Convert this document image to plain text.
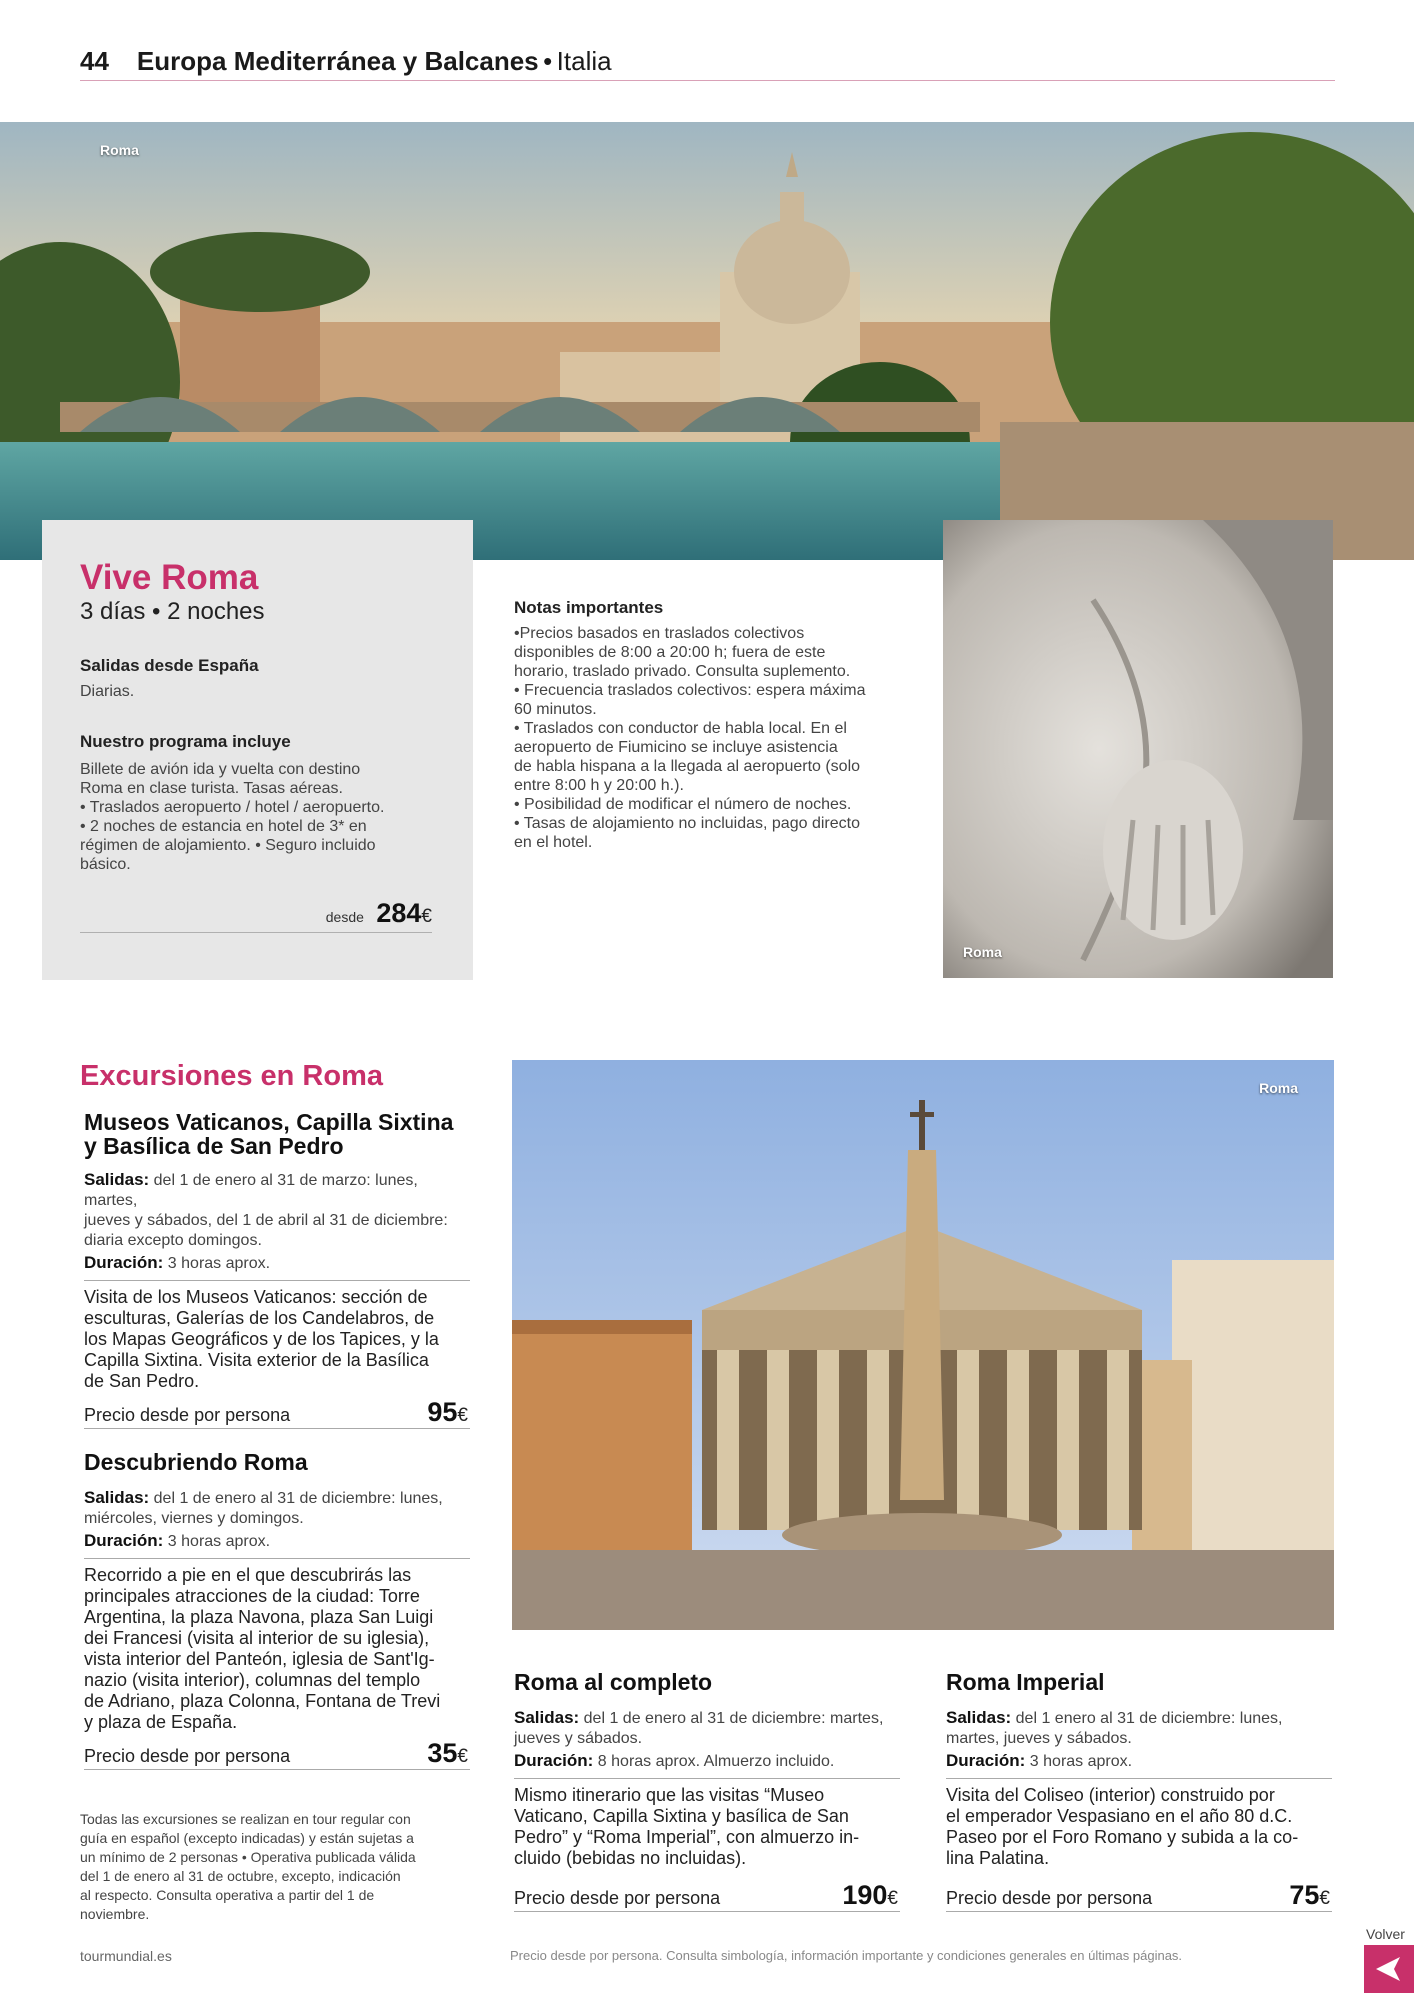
44 Europa Mediterránea y Balcanes • Italia
Roma
Vive Roma
3 días • 2 noches
Salidas desde España
Diarias.
Nuestro programa incluye
Billete de avión ida y vuelta con destino
Roma en clase turista. Tasas aéreas.
• Traslados aeropuerto / hotel / aeropuerto.
• 2 noches de estancia en hotel de 3* en
régimen de alojamiento. • Seguro incluido
básico.
desde 284€
Notas importantes
•Precios basados en traslados colectivos
disponibles de 8:00 a 20:00 h; fuera de este
horario, traslado privado. Consulta suplemento.
• Frecuencia traslados colectivos: espera máxima
60 minutos.
• Traslados con conductor de habla local. En el
aeropuerto de Fiumicino se incluye asistencia
de habla hispana a la llegada al aeropuerto (solo
entre 8:00 h y 20:00 h.).
• Posibilidad de modificar el número de noches.
• Tasas de alojamiento no incluidas, pago directo
en el hotel.
Roma
Excursiones en Roma
Museos Vaticanos, Capilla Sixtina
y Basílica de San Pedro
Salidas: del 1 de enero al 31 de marzo: lunes, martes,
jueves y sábados, del 1 de abril al 31 de diciembre:
diaria excepto domingos.
Duración: 3 horas aprox.
Visita de los Museos Vaticanos: sección de
esculturas, Galerías de los Candelabros, de
los Mapas Geográficos y de los Tapices, y la
Capilla Sixtina. Visita exterior de la Basílica
de San Pedro.
Precio desde por persona	95€
Descubriendo Roma
Salidas: del 1 de enero al 31 de diciembre: lunes,
miércoles, viernes y domingos.
Duración: 3 horas aprox.
Recorrido a pie en el que descubrirás las
principales atracciones de la ciudad: Torre
Argentina, la plaza Navona, plaza San Luigi
dei Francesi (visita al interior de su iglesia),
vista interior del Panteón, iglesia de Sant'Ig-
nazio (visita interior), columnas del templo
de Adriano, plaza Colonna, Fontana de Trevi
y plaza de España.
Precio desde por persona	35€
Todas las excursiones se realizan en tour regular con
guía en español (excepto indicadas) y están sujetas a
un mínimo de 2 personas • Operativa publicada válida
del 1 de enero al 31 de octubre, excepto, indicación
al respecto. Consulta operativa a partir del 1 de
noviembre.
Roma
Roma al completo
Salidas: del 1 de enero al 31 de diciembre: martes,
jueves y sábados.
Duración: 8 horas aprox. Almuerzo incluido.
Mismo itinerario que las visitas “Museo
Vaticano, Capilla Sixtina y basílica de San
Pedro” y “Roma Imperial”, con almuerzo in-
cluido (bebidas no incluidas).
Precio desde por persona	190€
Roma Imperial
Salidas: del 1 enero al 31 de diciembre: lunes,
martes, jueves y sábados.
Duración: 3 horas aprox.
Visita del Coliseo (interior) construido por
el emperador Vespasiano en el año 80 d.C.
Paseo por el Foro Romano y subida a la co-
lina Palatina.
Precio desde por persona	75€
tourmundial.es	Precio desde por persona. Consulta simbología, información importante y condiciones generales en últimas páginas.
Volver
